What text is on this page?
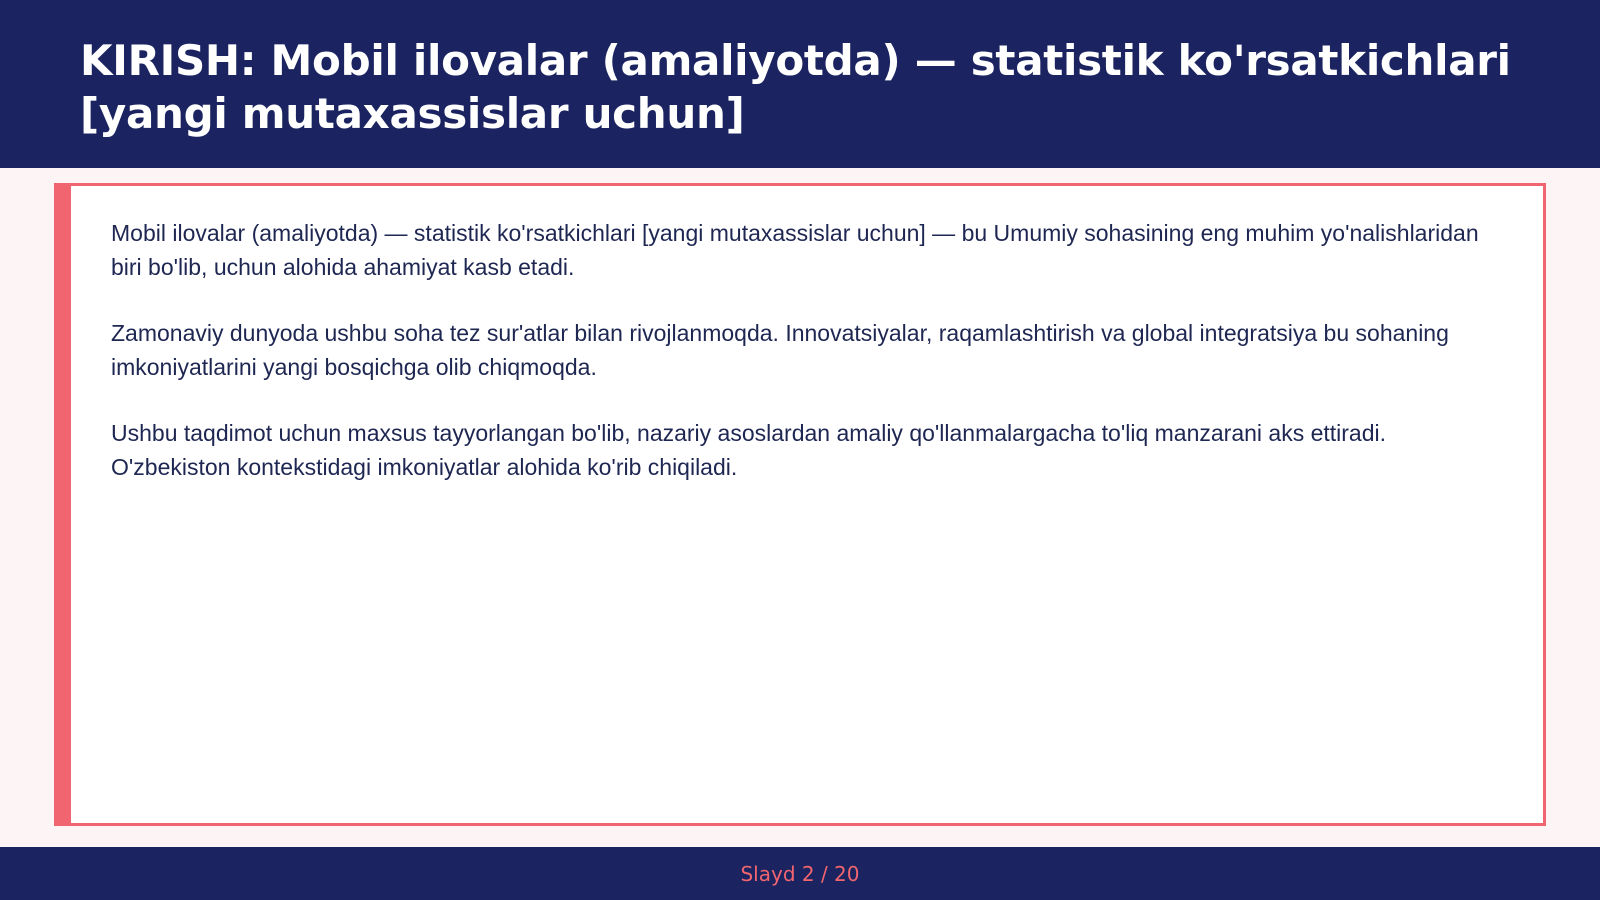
KIRISH: Mobil ilovalar (amaliyotda) — statistik ko'rsatkichlari [yangi mutaxassislar uchun]

Mobil ilovalar (amaliyotda) — statistik ko'rsatkichlari [yangi mutaxassislar uchun] — bu Umumiy sohasining eng muhim yo'nalishlaridan biri bo'lib, uchun alohida ahamiyat kasb etadi.

Zamonaviy dunyoda ushbu soha tez sur'atlar bilan rivojlanmoqda. Innovatsiyalar, raqamlashtirish va global integratsiya bu sohaning imkoniyatlarini yangi bosqichga olib chiqmoqda.

Ushbu taqdimot uchun maxsus tayyorlangan bo'lib, nazariy asoslardan amaliy qo'llanmalargacha to'liq manzarani aks ettiradi. O'zbekiston kontekstidagi imkoniyatlar alohida ko'rib chiqiladi.

Slayd 2 / 20
